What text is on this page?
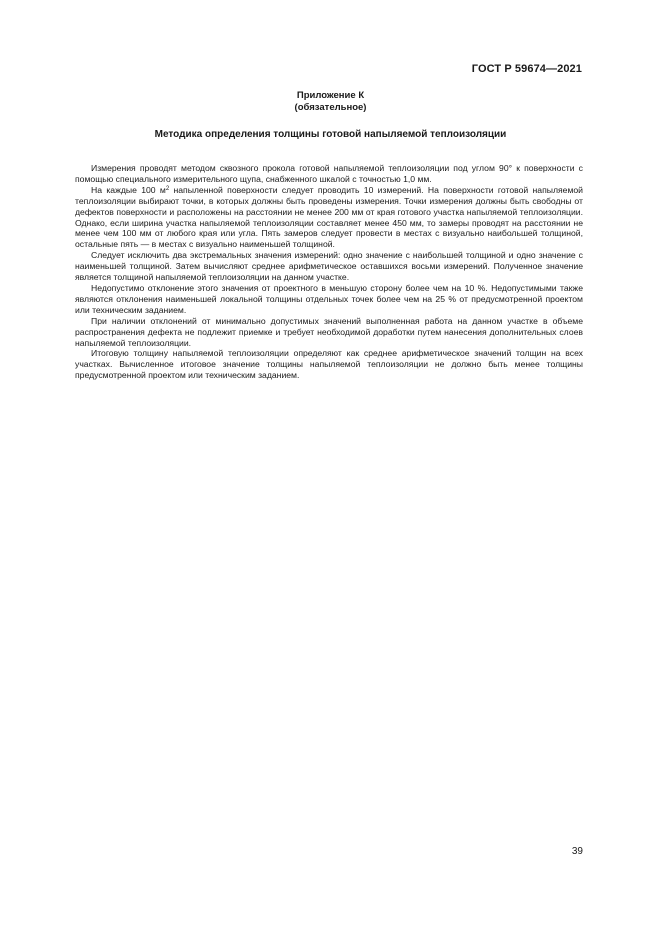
ГОСТ Р 59674—2021
Приложение К
(обязательное)
Методика определения толщины готовой напыляемой теплоизоляции

Измерения проводят методом сквозного прокола готовой напыляемой теплоизоляции под углом 90° к поверхности с помощью специального измерительного щупа, снабженного шкалой с точностью 1,0 мм.

На каждые 100 $м^2$ напыленной поверхности следует проводить 10 измерений. На поверхности готовой напыляемой теплоизоляции выбирают точки, в которых должны быть проведены измерения. Точки измерения должны быть свободны от дефектов поверхности и расположены на расстоянии не менее 200 мм от края готового участка напыляемой теплоизоляции. Однако, если ширина участка напыляемой теплоизоляции составляет менее 450 мм, то замеры проводят на расстоянии не менее чем 100 мм от любого края или угла. Пять замеров следует провести в местах с визуально наибольшей толщиной, остальные пять — в местах с визуально наименьшей толщиной.

Следует исключить два экстремальных значения измерений: одно значение с наибольшей толщиной и одно значение с наименьшей толщиной. Затем вычисляют среднее арифметическое оставшихся восьми измерений. Полученное значение является толщиной напыляемой теплоизоляции на данном участке.

Недопустимо отклонение этого значения от проектного в меньшую сторону более чем на 10 %. Недопустимыми также являются отклонения наименьшей локальной толщины отдельных точек более чем на 25 % от предусмотренной проектом или техническим заданием.

При наличии отклонений от минимально допустимых значений выполненная работа на данном участке в объеме распространения дефекта не подлежит приемке и требует необходимой доработки путем нанесения дополнительных слоев напыляемой теплоизоляции.

Итоговую толщину напыляемой теплоизоляции определяют как среднее арифметическое значений толщин на всех участках. Вычисленное итоговое значение толщины напыляемой теплоизоляции не должно быть менее толщины предусмотренной проектом или техническим заданием.

39
